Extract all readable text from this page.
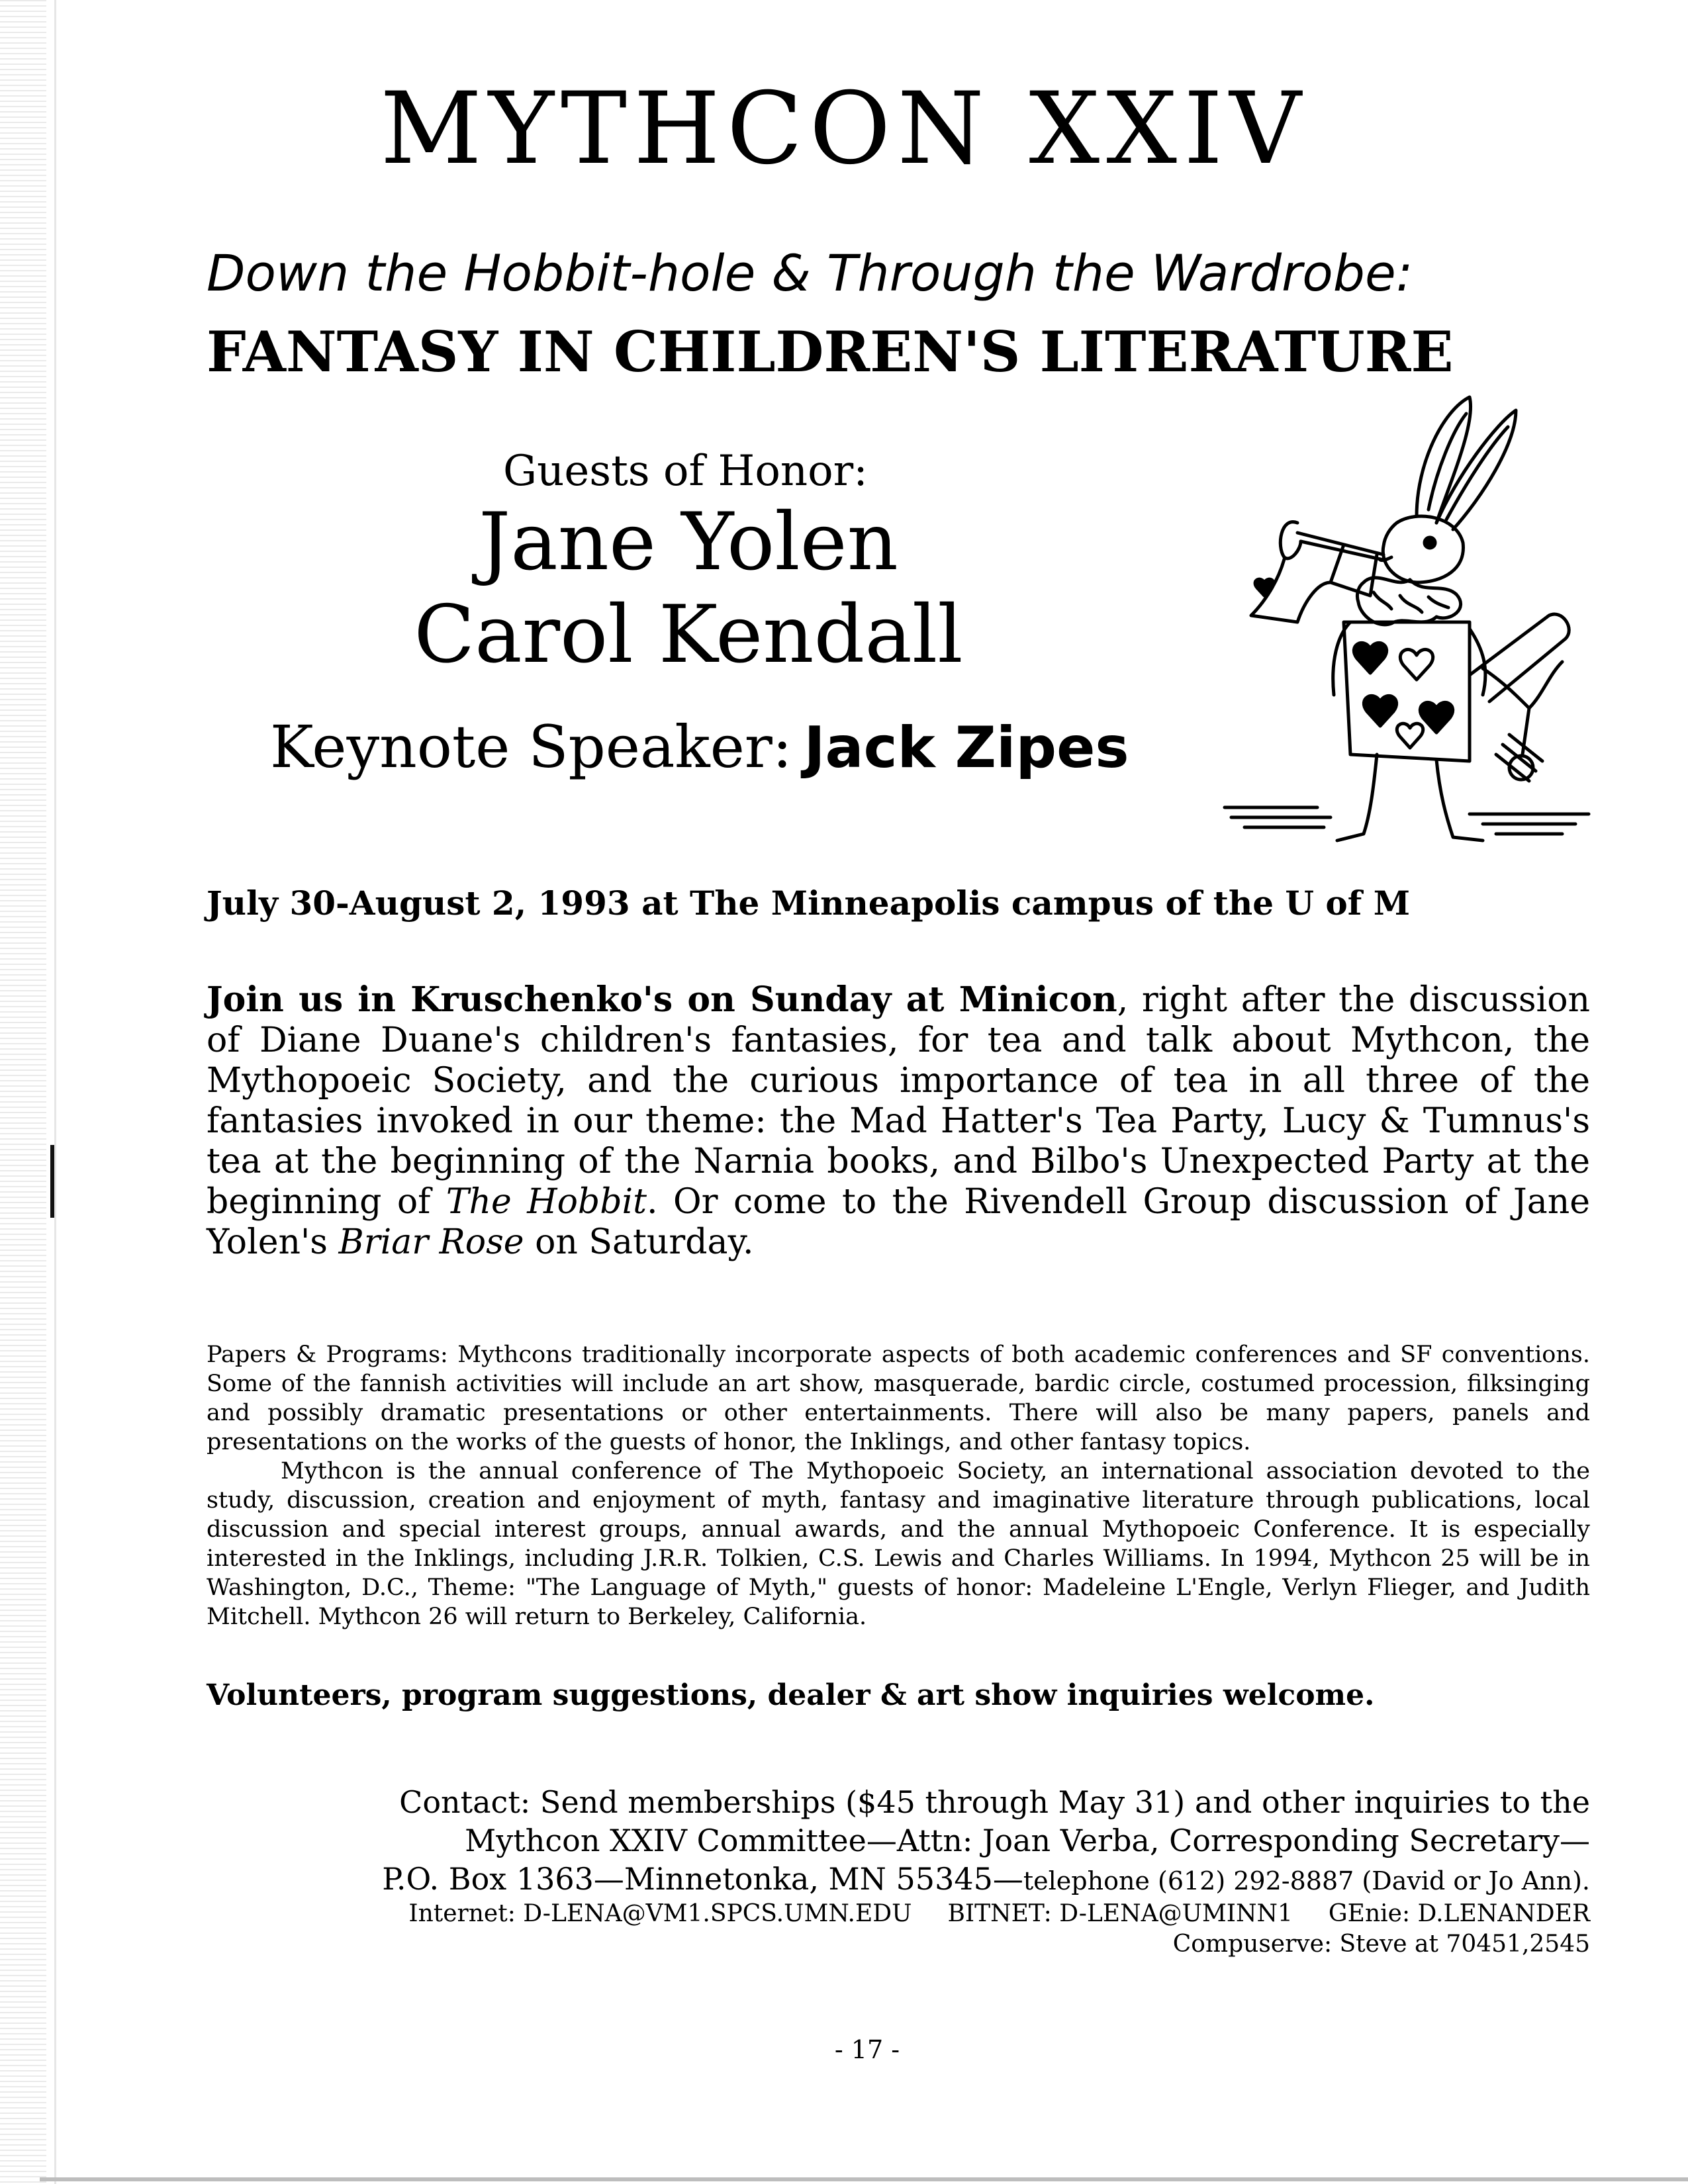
MYTHCON XXIV
Down the Hobbit-hole & Through the Wardrobe:
FANTASY IN CHILDREN'S LITERATURE
Guests of Honor:
Jane Yolen
Carol Kendall
Keynote Speaker: Jack Zipes
July 30-August 2, 1993 at The Minneapolis campus of the U of M
Join us in Kruschenko's on Sunday at Minicon, right after the discussion of Diane Duane's children's fantasies, for tea and talk about Mythcon, the Mythopoeic Society, and the curious importance of tea in all three of the fantasies invoked in our theme: the Mad Hatter's Tea Party, Lucy & Tumnus's tea at the beginning of the Narnia books, and Bilbo's Unexpected Party at the beginning of The Hobbit. Or come to the Rivendell Group discussion of Jane Yolen's Briar Rose on Saturday.

Papers & Programs: Mythcons traditionally incorporate aspects of both academic conferences and SF conventions. Some of the fannish activities will include an art show, masquerade, bardic circle, costumed procession, filksinging and possibly dramatic presentations or other entertainments. There will also be many papers, panels and presentations on the works of the guests of honor, the Inklings, and other fantasy topics.

Mythcon is the annual conference of The Mythopoeic Society, an international association devoted to the study, discussion, creation and enjoyment of myth, fantasy and imaginative literature through publications, local discussion and special interest groups, annual awards, and the annual Mythopoeic Conference. It is especially interested in the Inklings, including J.R.R. Tolkien, C.S. Lewis and Charles Williams. In 1994, Mythcon 25 will be in Washington, D.C., Theme: "The Language of Myth," guests of honor: Madeleine L'Engle, Verlyn Flieger, and Judith Mitchell. Mythcon 26 will return to Berkeley, California.

Volunteers, program suggestions, dealer & art show inquiries welcome.
Contact: Send memberships ($45 through May 31) and other inquiries to the
Mythcon XXIV Committee—Attn: Joan Verba, Corresponding Secretary—
P.O. Box 1363—Minnetonka, MN 55345—telephone (612) 292-8887 (David or Jo Ann).
Internet: D-LENA@VM1.SPCS.UMN.EDU BITNET: D-LENA@UMINN1 GEnie: D.LENANDER
Compuserve: Steve at 70451,2545
- 17 -
